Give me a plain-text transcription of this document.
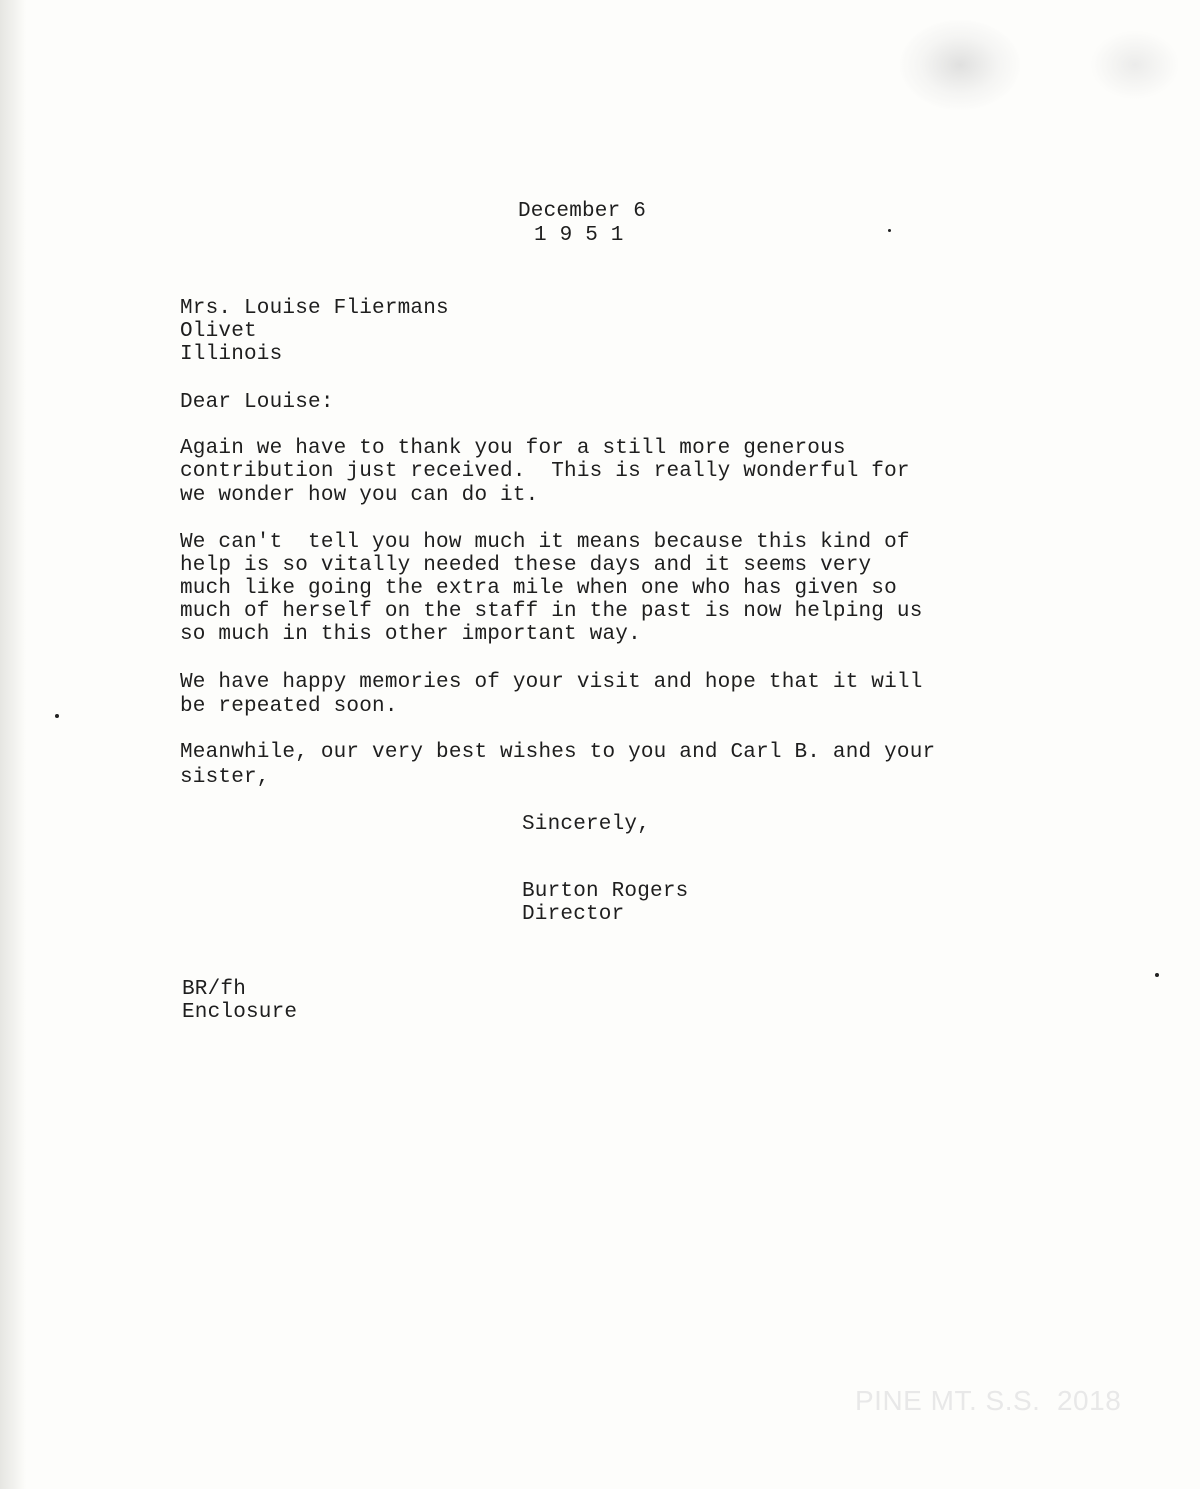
December 6
1 9 5 1
Mrs. Louise Fliermans
Olivet
Illinois
Dear Louise:
Again we have to thank you for a still more generous
contribution just received.  This is really wonderful for
we wonder how you can do it.
We can't  tell you how much it means because this kind of
help is so vitally needed these days and it seems very
much like going the extra mile when one who has given so
much of herself on the staff in the past is now helping us
so much in this other important way.
We have happy memories of your visit and hope that it will
be repeated soon.
Meanwhile, our very best wishes to you and Carl B. and your
sister,
Sincerely,
Burton Rogers
Director
BR/fh
Enclosure
PINE MT. S.S.  2018
